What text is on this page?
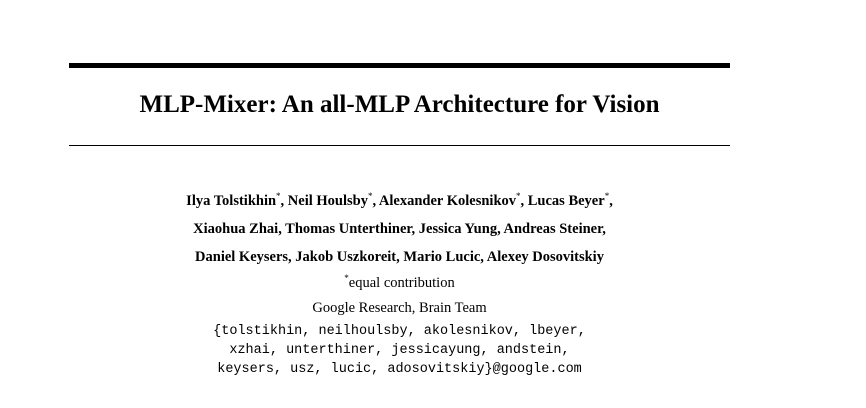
MLP-Mixer: An all-MLP Architecture for Vision
Ilya Tolstikhin*, Neil Houlsby*, Alexander Kolesnikov*, Lucas Beyer*,
Xiaohua Zhai, Thomas Unterthiner, Jessica Yung, Andreas Steiner,
Daniel Keysers, Jakob Uszkoreit, Mario Lucic, Alexey Dosovitskiy
*equal contribution
Google Research, Brain Team
{tolstikhin, neilhoulsby, akolesnikov, lbeyer,
xzhai, unterthiner, jessicayung, andstein,
keysers, usz, lucic, adosovitskiy}@google.com
